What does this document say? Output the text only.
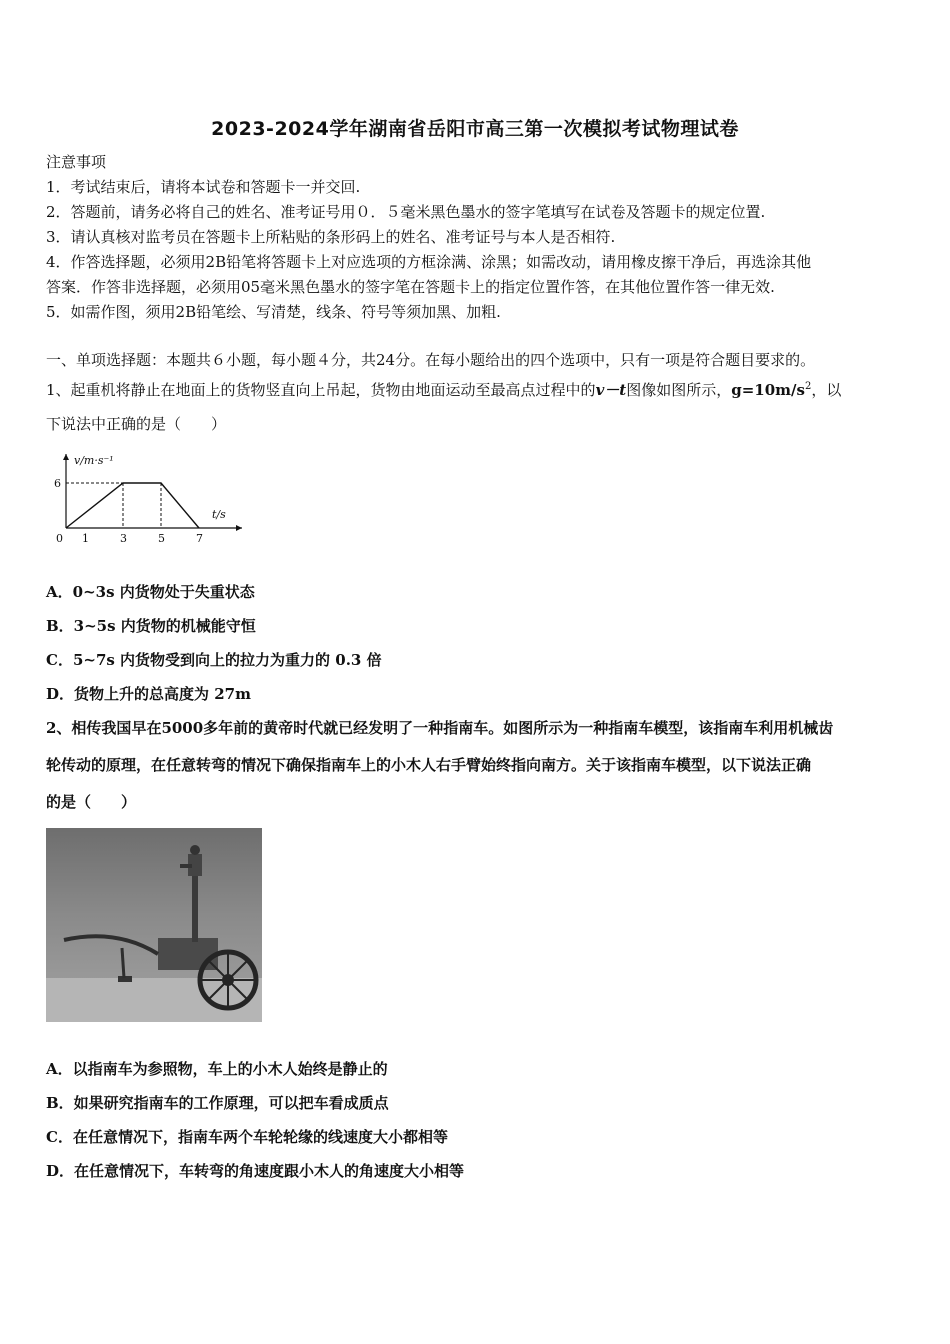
2023-2024学年湖南省岳阳市高三第一次模拟考试物理试卷
注意事项
1．考试结束后，请将本试卷和答题卡一并交回.
2．答题前，请务必将自己的姓名、准考证号用０．５毫米黑色墨水的签字笔填写在试卷及答题卡的规定位置.
3．请认真核对监考员在答题卡上所粘贴的条形码上的姓名、准考证号与本人是否相符.
4．作答选择题，必须用2B铅笔将答题卡上对应选项的方框涂满、涂黑；如需改动，请用橡皮擦干净后，再选涂其他
答案．作答非选择题，必须用05毫米黑色墨水的签字笔在答题卡上的指定位置作答，在其他位置作答一律无效.
5．如需作图，须用2B铅笔绘、写清楚，线条、符号等须加黑、加粗.
一、单项选择题：本题共６小题，每小题４分，共24分。在每小题给出的四个选项中，只有一项是符合题目要求的。
1、起重机将静止在地面上的货物竖直向上吊起，货物由地面运动至最高点过程中的v－t图像如图所示，$g=10m/s^2$，以
下说法中正确的是（　　）
v/m·s⁻¹
t/s
6
0 1	3	5	7
A．0~3s 内货物处于失重状态
B．3~5s 内货物的机械能守恒
C．5~7s 内货物受到向上的拉力为重力的 0.3 倍
D．货物上升的总高度为 27m
2、相传我国早在5000多年前的黄帝时代就已经发明了一种指南车。如图所示为一种指南车模型，该指南车利用机械齿
轮传动的原理，在任意转弯的情况下确保指南车上的小木人右手臂始终指向南方。关于该指南车模型，以下说法正确
的是（　　）
A．以指南车为参照物，车上的小木人始终是静止的
B．如果研究指南车的工作原理，可以把车看成质点
C．在任意情况下，指南车两个车轮轮缘的线速度大小都相等
D．在任意情况下，车转弯的角速度跟小木人的角速度大小相等
